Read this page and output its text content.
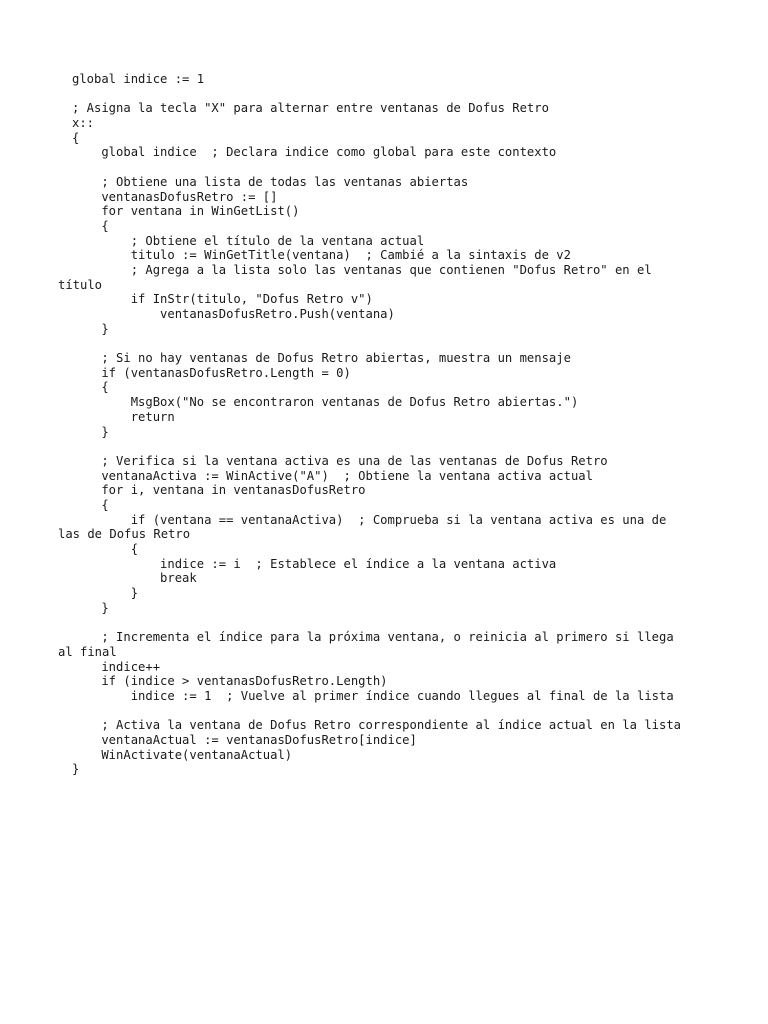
global indice := 1
; Asigna la tecla "X" para alternar entre ventanas de Dofus Retro
x::
{
global indice  ; Declara indice como global para este contexto
; Obtiene una lista de todas las ventanas abiertas
ventanasDofusRetro := []
for ventana in WinGetList()
{
; Obtiene el título de la ventana actual
titulo := WinGetTitle(ventana)  ; Cambié a la sintaxis de v2
; Agrega a la lista solo las ventanas que contienen "Dofus Retro" en el
título
if InStr(titulo, "Dofus Retro v")
ventanasDofusRetro.Push(ventana)
}
; Si no hay ventanas de Dofus Retro abiertas, muestra un mensaje
if (ventanasDofusRetro.Length = 0)
{
MsgBox("No se encontraron ventanas de Dofus Retro abiertas.")
return
}
; Verifica si la ventana activa es una de las ventanas de Dofus Retro
ventanaActiva := WinActive("A")  ; Obtiene la ventana activa actual
for i, ventana in ventanasDofusRetro
{
if (ventana == ventanaActiva)  ; Comprueba si la ventana activa es una de
las de Dofus Retro
{
indice := i  ; Establece el índice a la ventana activa
break
}
}
; Incrementa el índice para la próxima ventana, o reinicia al primero si llega
al final
indice++
if (indice > ventanasDofusRetro.Length)
indice := 1  ; Vuelve al primer índice cuando llegues al final de la lista
; Activa la ventana de Dofus Retro correspondiente al índice actual en la lista
ventanaActual := ventanasDofusRetro[indice]
WinActivate(ventanaActual)
}
